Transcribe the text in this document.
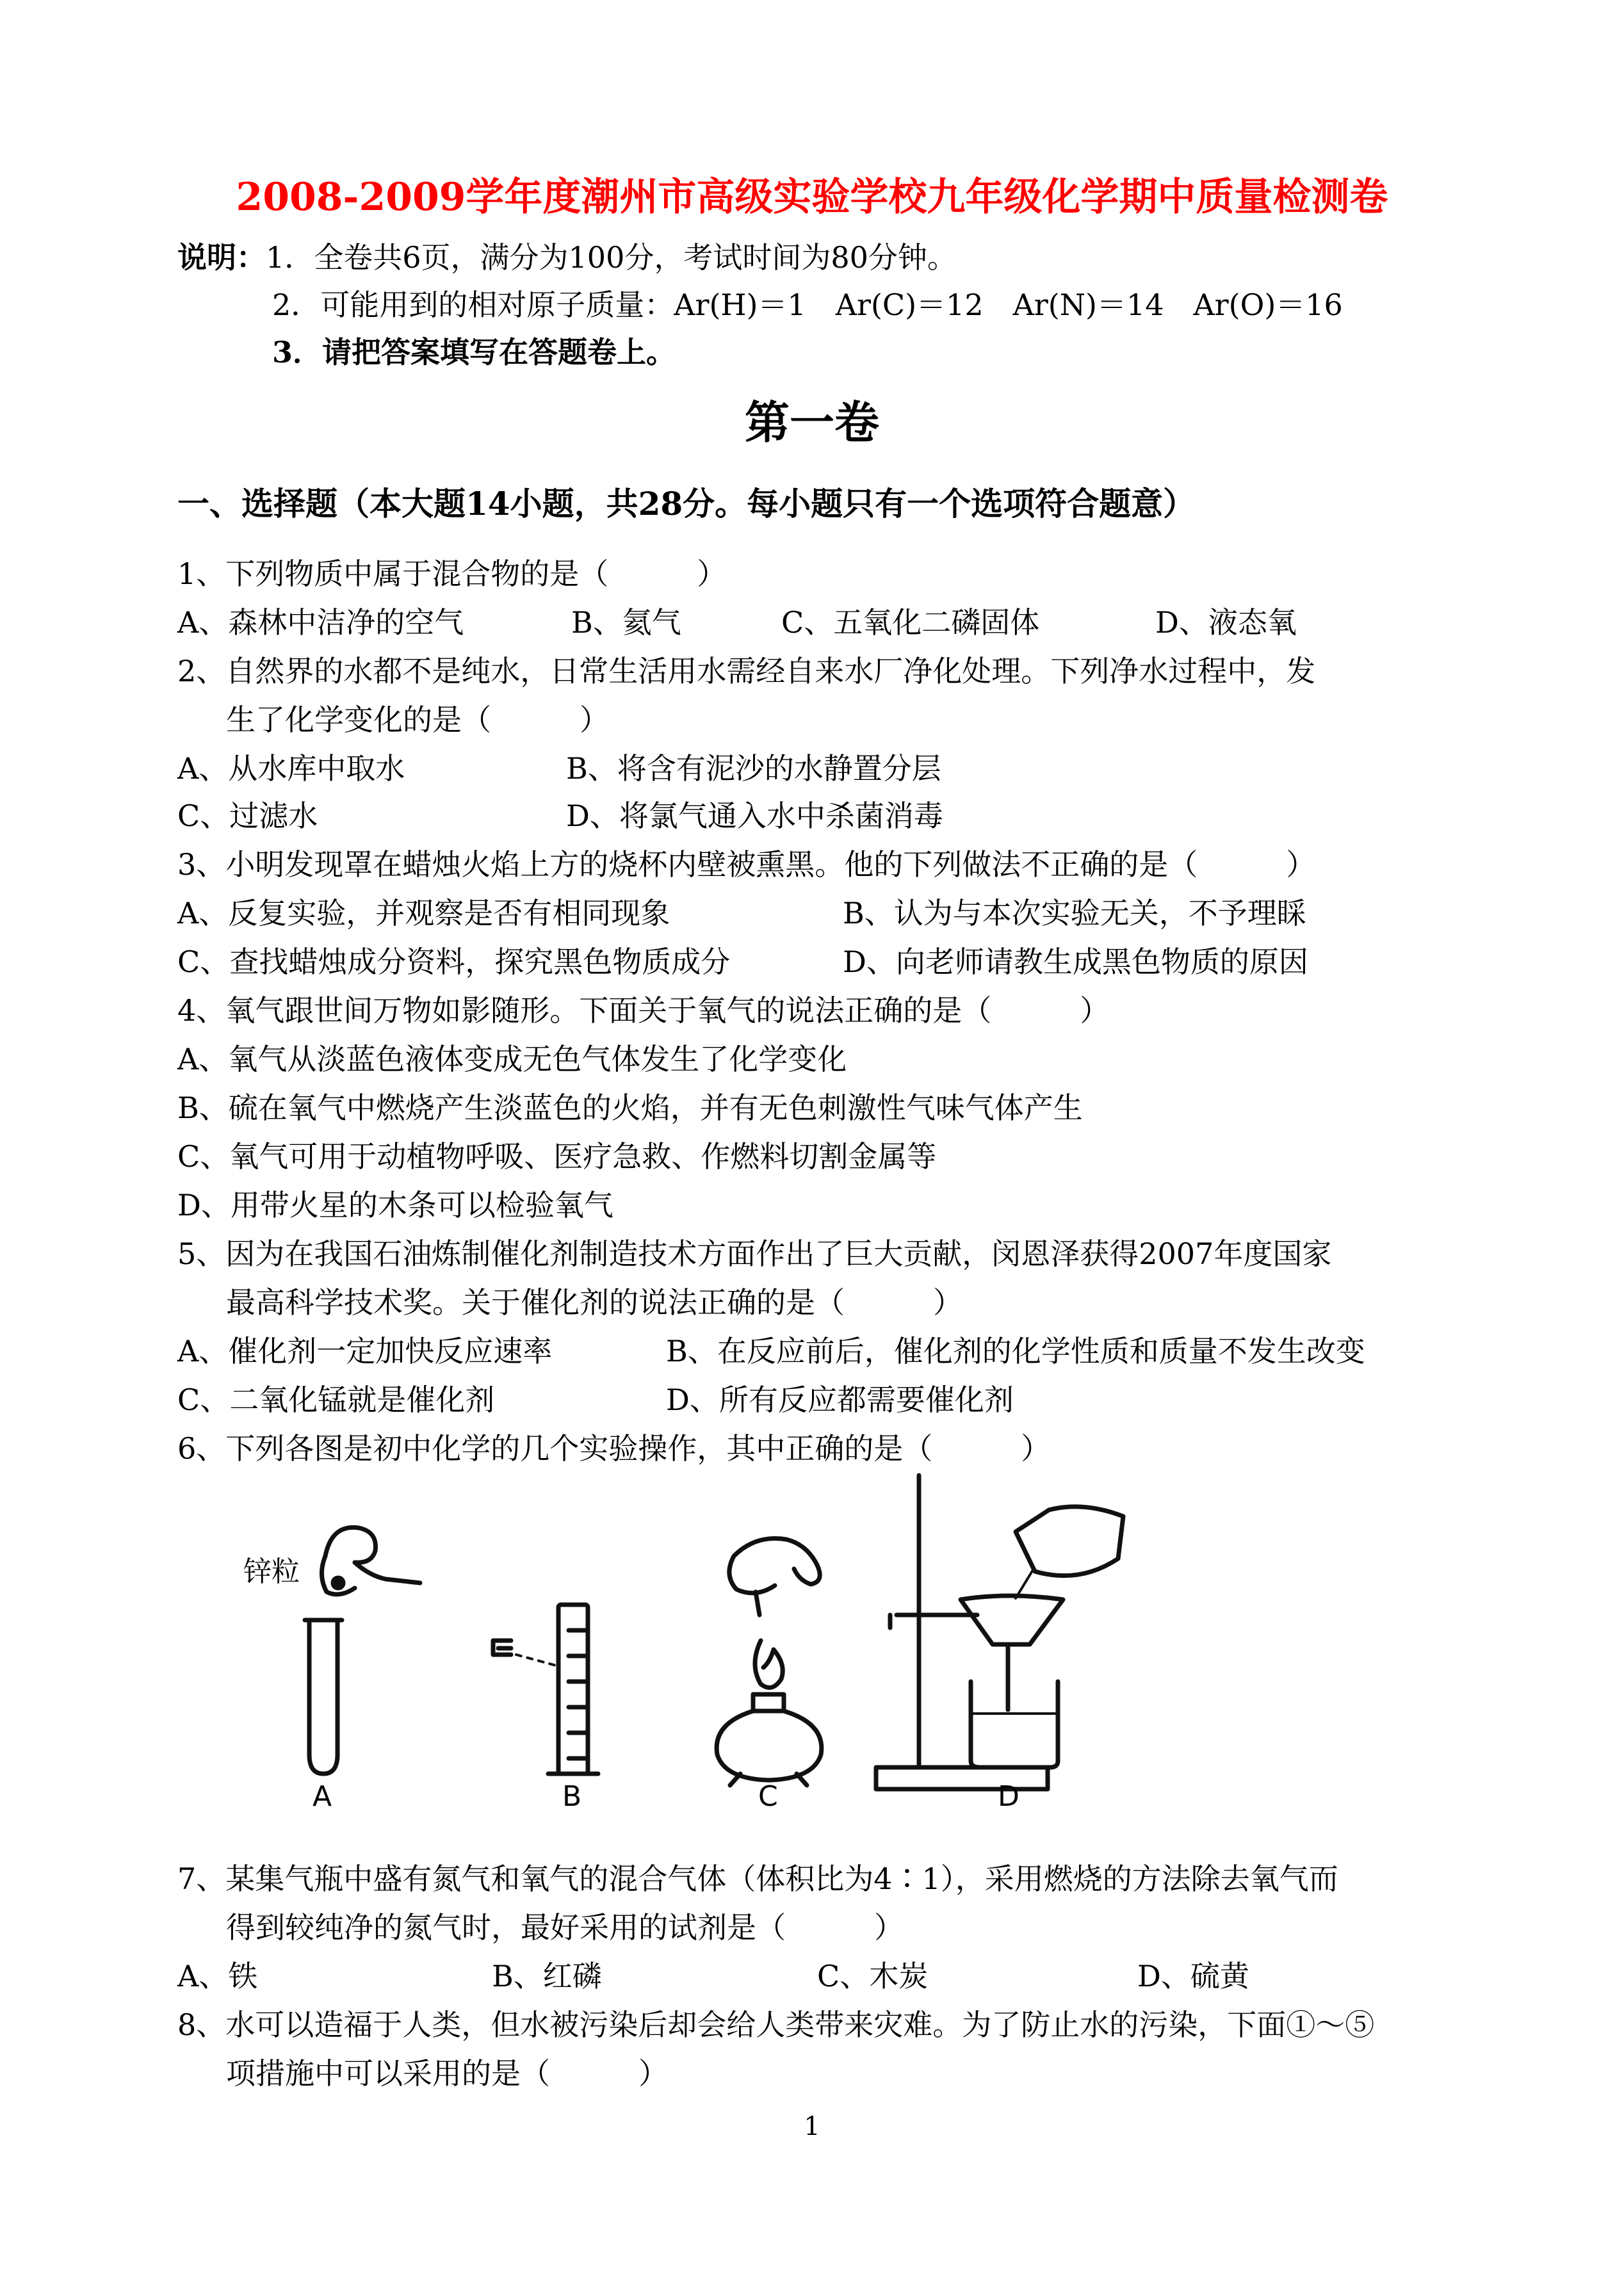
2008-2009学年度潮州市高级实验学校九年级化学期中质量检测卷
说明：1．全卷共6页，满分为100分，考试时间为80分钟。
2．可能用到的相对原子质量：Ar(H)＝1　Ar(C)＝12　Ar(N)＝14　Ar(O)＝16
3．请把答案填写在答题卷上。
第一卷
一、选择题（本大题14小题，共28分。每小题只有一个选项符合题意）
1、下列物质中属于混合物的是（　　　）
A、森林中洁净的空气	B、氦气	C、五氧化二磷固体	D、液态氧
2、自然界的水都不是纯水，日常生活用水需经自来水厂净化处理。下列净水过程中，发
生了化学变化的是（　　　）
A、从水库中取水	B、将含有泥沙的水静置分层
C、过滤水	D、将氯气通入水中杀菌消毒
3、小明发现罩在蜡烛火焰上方的烧杯内壁被熏黑。他的下列做法不正确的是（　　　）
A、反复实验，并观察是否有相同现象	B、认为与本次实验无关，不予理睬
C、查找蜡烛成分资料，探究黑色物质成分	D、向老师请教生成黑色物质的原因
4、氧气跟世间万物如影随形。下面关于氧气的说法正确的是（　　　）
A、氧气从淡蓝色液体变成无色气体发生了化学变化
B、硫在氧气中燃烧产生淡蓝色的火焰，并有无色刺激性气味气体产生
C、氧气可用于动植物呼吸、医疗急救、作燃料切割金属等
D、用带火星的木条可以检验氧气
5、因为在我国石油炼制催化剂制造技术方面作出了巨大贡献，闵恩泽获得2007年度国家
最高科学技术奖。关于催化剂的说法正确的是（　　　）
A、催化剂一定加快反应速率	B、在反应前后，催化剂的化学性质和质量不发生改变
C、二氧化锰就是催化剂	D、所有反应都需要催化剂
6、下列各图是初中化学的几个实验操作，其中正确的是（　　　）
锌粒
A	B	C	D
7、某集气瓶中盛有氮气和氧气的混合气体（体积比为4∶1），采用燃烧的方法除去氧气而
得到较纯净的氮气时，最好采用的试剂是（　　　）
A、铁	B、红磷	C、木炭	D、硫黄
8、水可以造福于人类，但水被污染后却会给人类带来灾难。为了防止水的污染，下面①～⑤
项措施中可以采用的是（　　　）
1
